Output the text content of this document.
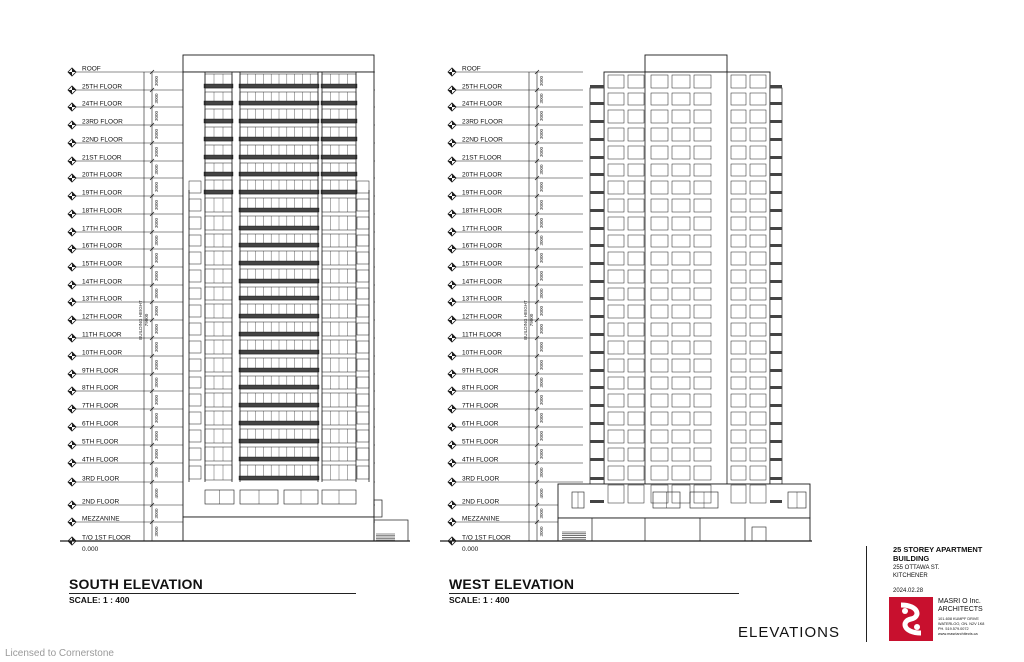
ROOF
25TH FLOOR
24TH FLOOR
23RD FLOOR
22ND FLOOR
21ST FLOOR
20TH FLOOR
19TH FLOOR
18TH FLOOR
17TH FLOOR
16TH FLOOR
15TH FLOOR
14TH FLOOR
13TH FLOOR
12TH FLOOR
11TH FLOOR
10TH FLOOR
9TH FLOOR
8TH FLOOR
7TH FLOOR
6TH FLOOR
5TH FLOOR
4TH FLOOR
3RD FLOOR
2ND FLOOR
MEZZANINE
T/O 1ST FLOOR
0.000
3000
3000
3000
3000
3000
3000
3000
3000
3000
3000
3000
3000
3000
3000
3000
3000
3000
3000
3000
3000
3000
3000
3000
4000
3000
3000
BUILDING HEIGHT 79000
ROOF
25TH FLOOR
24TH FLOOR
23RD FLOOR
22ND FLOOR
21ST FLOOR
20TH FLOOR
19TH FLOOR
18TH FLOOR
17TH FLOOR
16TH FLOOR
15TH FLOOR
14TH FLOOR
13TH FLOOR
12TH FLOOR
11TH FLOOR
10TH FLOOR
9TH FLOOR
8TH FLOOR
7TH FLOOR
6TH FLOOR
5TH FLOOR
4TH FLOOR
3RD FLOOR
2ND FLOOR
MEZZANINE
T/O 1ST FLOOR
0.000
3000
3000
3000
3000
3000
3000
3000
3000
3000
3000
3000
3000
3000
3000
3000
3000
3000
3000
3000
3000
3000
3000
3000
4000
3000
3000
BUILDING HEIGHT 79000
SOUTH ELEVATION
SCALE: 1 : 400
WEST ELEVATION
SCALE: 1 : 400
25 STOREY APARTMENT
BUILDING
255 OTTAWA ST.
KITCHENER
2024.02.28
MASRI O Inc.
ARCHITECTS
101-608 KUMPF DRIVE
WATERLOO, ON. N2V 1K8
PH. 519.579.0072
www.masriarchitects.ca
ELEVATIONS
Licensed to Cornerstone
